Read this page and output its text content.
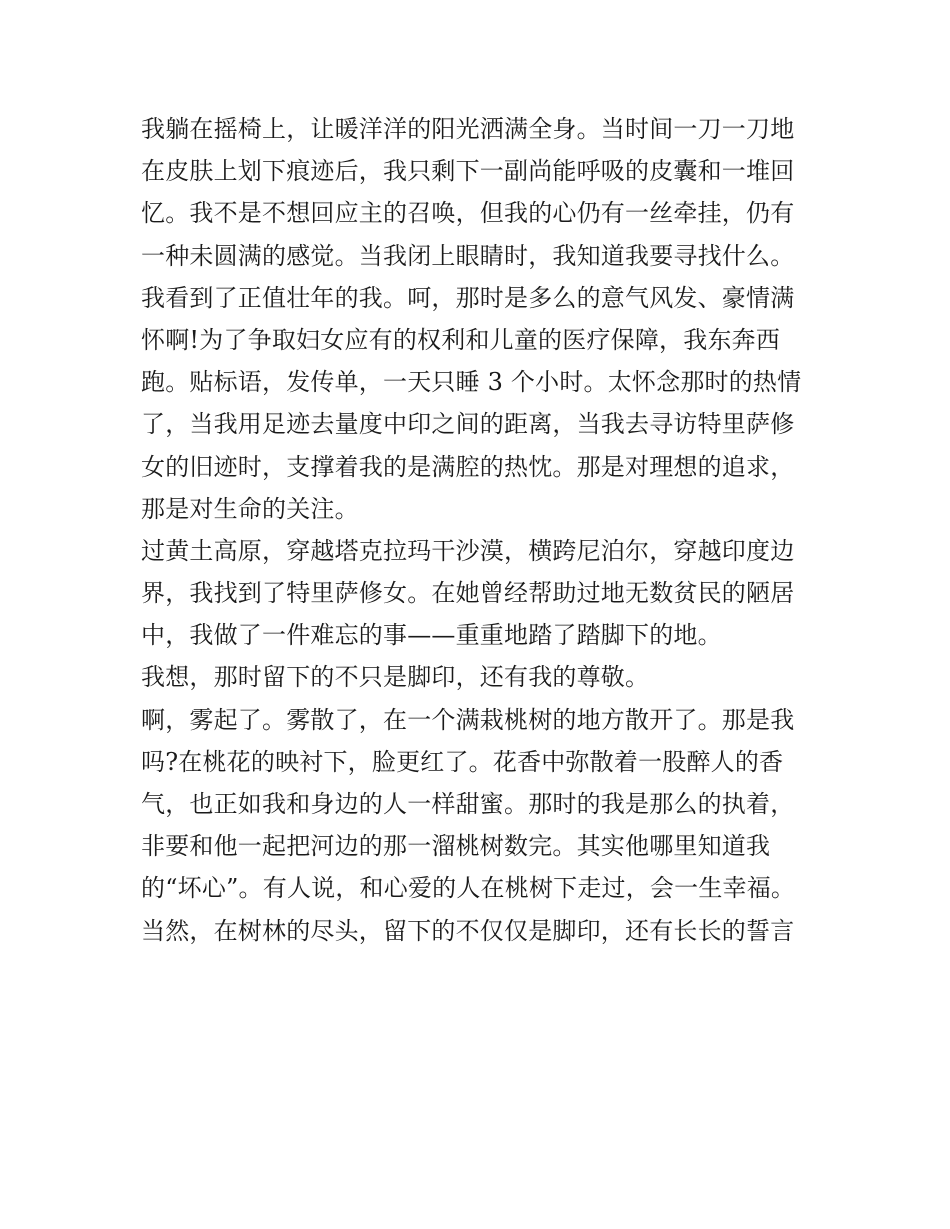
我躺在摇椅上，让暖洋洋的阳光洒满全身。当时间一刀一刀地
在皮肤上划下痕迹后，我只剩下一副尚能呼吸的皮囊和一堆回
忆。我不是不想回应主的召唤，但我的心仍有一丝牵挂，仍有
一种未圆满的感觉。当我闭上眼睛时，我知道我要寻找什么。
我看到了正值壮年的我。呵，那时是多么的意气风发、豪情满
怀啊!为了争取妇女应有的权利和儿童的医疗保障，我东奔西
跑。贴标语，发传单，一天只睡 3 个小时。太怀念那时的热情
了，当我用足迹去量度中印之间的距离，当我去寻访特里萨修
女的旧迹时，支撑着我的是满腔的热忱。那是对理想的追求，
那是对生命的关注。
过黄土高原，穿越塔克拉玛干沙漠，横跨尼泊尔，穿越印度边
界，我找到了特里萨修女。在她曾经帮助过地无数贫民的陋居
中，我做了一件难忘的事——重重地踏了踏脚下的地。
我想，那时留下的不只是脚印，还有我的尊敬。
啊，雾起了。雾散了，在一个满栽桃树的地方散开了。那是我
吗?在桃花的映衬下，脸更红了。花香中弥散着一股醉人的香
气，也正如我和身边的人一样甜蜜。那时的我是那么的执着，
非要和他一起把河边的那一溜桃树数完。其实他哪里知道我
的“坏心”。有人说，和心爱的人在桃树下走过，会一生幸福。
当然，在树林的尽头，留下的不仅仅是脚印，还有长长的誓言
